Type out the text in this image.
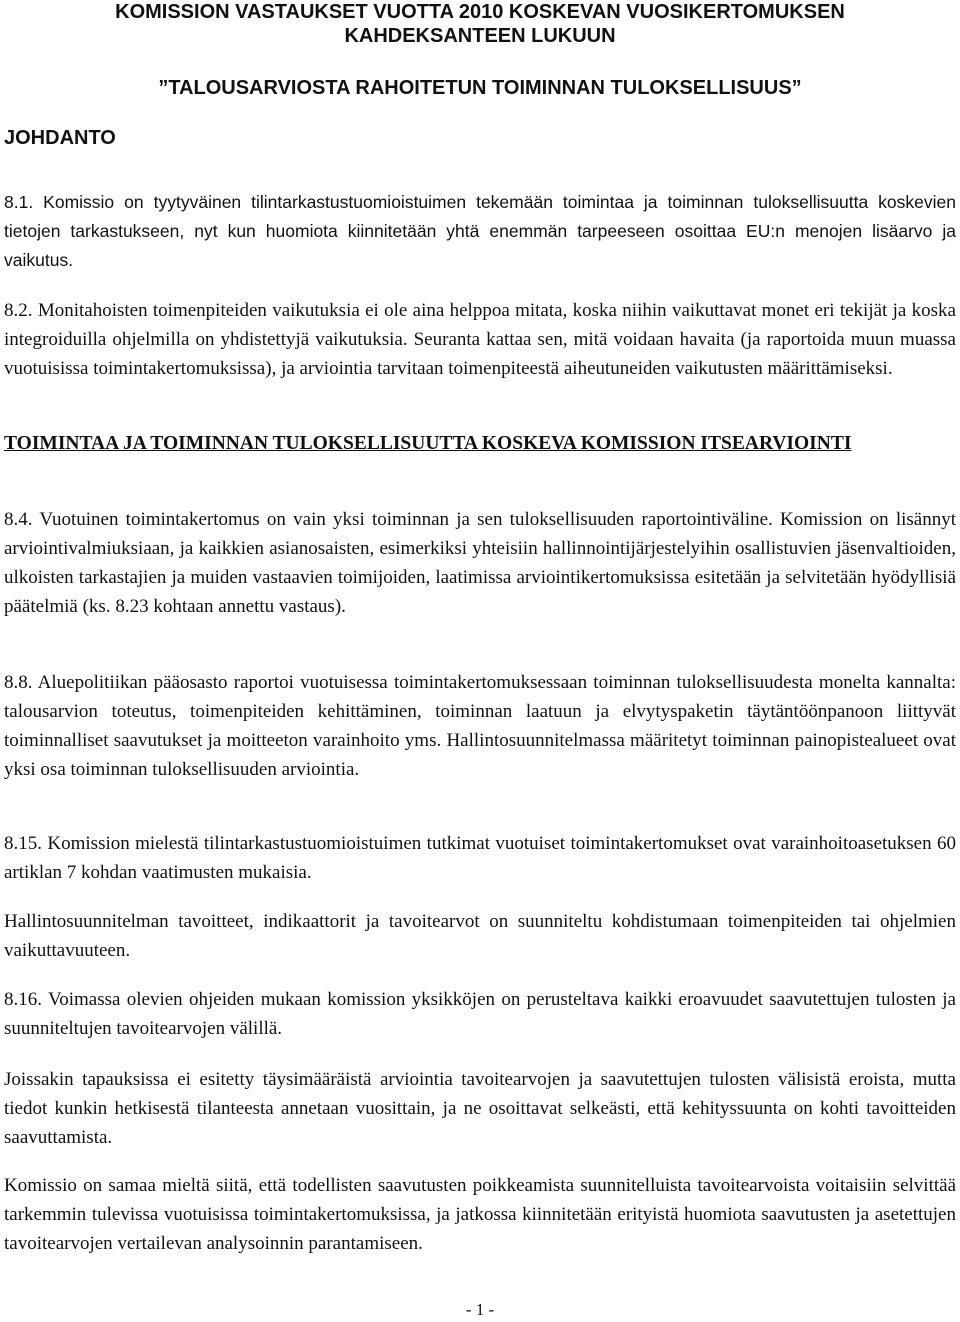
KOMISSION VASTAUKSET VUOTTA 2010 KOSKEVAN VUOSIKERTOMUKSEN

KAHDEKSANTEEN LUKUUN

”TALOUSARVIOSTA RAHOITETUN TOIMINNAN TULOKSELLISUUS”

JOHDANTO

8.1. Komissio on tyytyväinen tilintarkastustuomioistuimen tekemään toimintaa ja toiminnan tuloksellisuutta koskevien tietojen tarkastukseen, nyt kun huomiota kiinnitetään yhtä enemmän tarpeeseen osoittaa EU:n menojen lisäarvo ja vaikutus.

8.2. Monitahoisten toimenpiteiden vaikutuksia ei ole aina helppoa mitata, koska niihin vaikuttavat monet eri tekijät ja koska integroiduilla ohjelmilla on yhdistettyjä vaikutuksia. Seuranta kattaa sen, mitä voidaan havaita (ja raportoida muun muassa vuotuisissa toimintakertomuksissa), ja arviointia tarvitaan toimenpiteestä aiheutuneiden vaikutusten määrittämiseksi.

TOIMINTAA JA TOIMINNAN TULOKSELLISUUTTA KOSKEVA KOMISSION ITSEARVIOINTI

8.4. Vuotuinen toimintakertomus on vain yksi toiminnan ja sen tuloksellisuuden raportointiväline. Komission on lisännyt arviointivalmiuksiaan, ja kaikkien asianosaisten, esimerkiksi yhteisiin hallinnointijärjestelyihin osallistuvien jäsenvaltioiden, ulkoisten tarkastajien ja muiden vastaavien toimijoiden, laatimissa arviointikertomuksissa esitetään ja selvitetään hyödyllisiä päätelmiä (ks. 8.23 kohtaan annettu vastaus).

8.8. Aluepolitiikan pääosasto raportoi vuotuisessa toimintakertomuksessaan toiminnan tuloksellisuudesta monelta kannalta: talousarvion toteutus, toimenpiteiden kehittäminen, toiminnan laatuun ja elvytyspaketin täytäntöönpanoon liittyvät toiminnalliset saavutukset ja moitteeton varainhoito yms. Hallintosuunnitelmassa määritetyt toiminnan painopistealueet ovat yksi osa toiminnan tuloksellisuuden arviointia.

8.15. Komission mielestä tilintarkastustuomioistuimen tutkimat vuotuiset toimintakertomukset ovat varainhoitoasetuksen 60 artiklan 7 kohdan vaatimusten mukaisia.

Hallintosuunnitelman tavoitteet, indikaattorit ja tavoitearvot on suunniteltu kohdistumaan toimenpiteiden tai ohjelmien vaikuttavuuteen.

8.16. Voimassa olevien ohjeiden mukaan komission yksikköjen on perusteltava kaikki eroavuudet saavutettujen tulosten ja suunniteltujen tavoitearvojen välillä.

Joissakin tapauksissa ei esitetty täysimääräistä arviointia tavoitearvojen ja saavutettujen tulosten välisistä eroista, mutta tiedot kunkin hetkisestä tilanteesta annetaan vuosittain, ja ne osoittavat selkeästi, että kehityssuunta on kohti tavoitteiden saavuttamista.

Komissio on samaa mieltä siitä, että todellisten saavutusten poikkeamista suunnitelluista tavoitearvoista voitaisiin selvittää tarkemmin tulevissa vuotuisissa toimintakertomuksissa, ja jatkossa kiinnitetään erityistä huomiota saavutusten ja asetettujen tavoitearvojen vertailevan analysoinnin parantamiseen.

- 1 -
